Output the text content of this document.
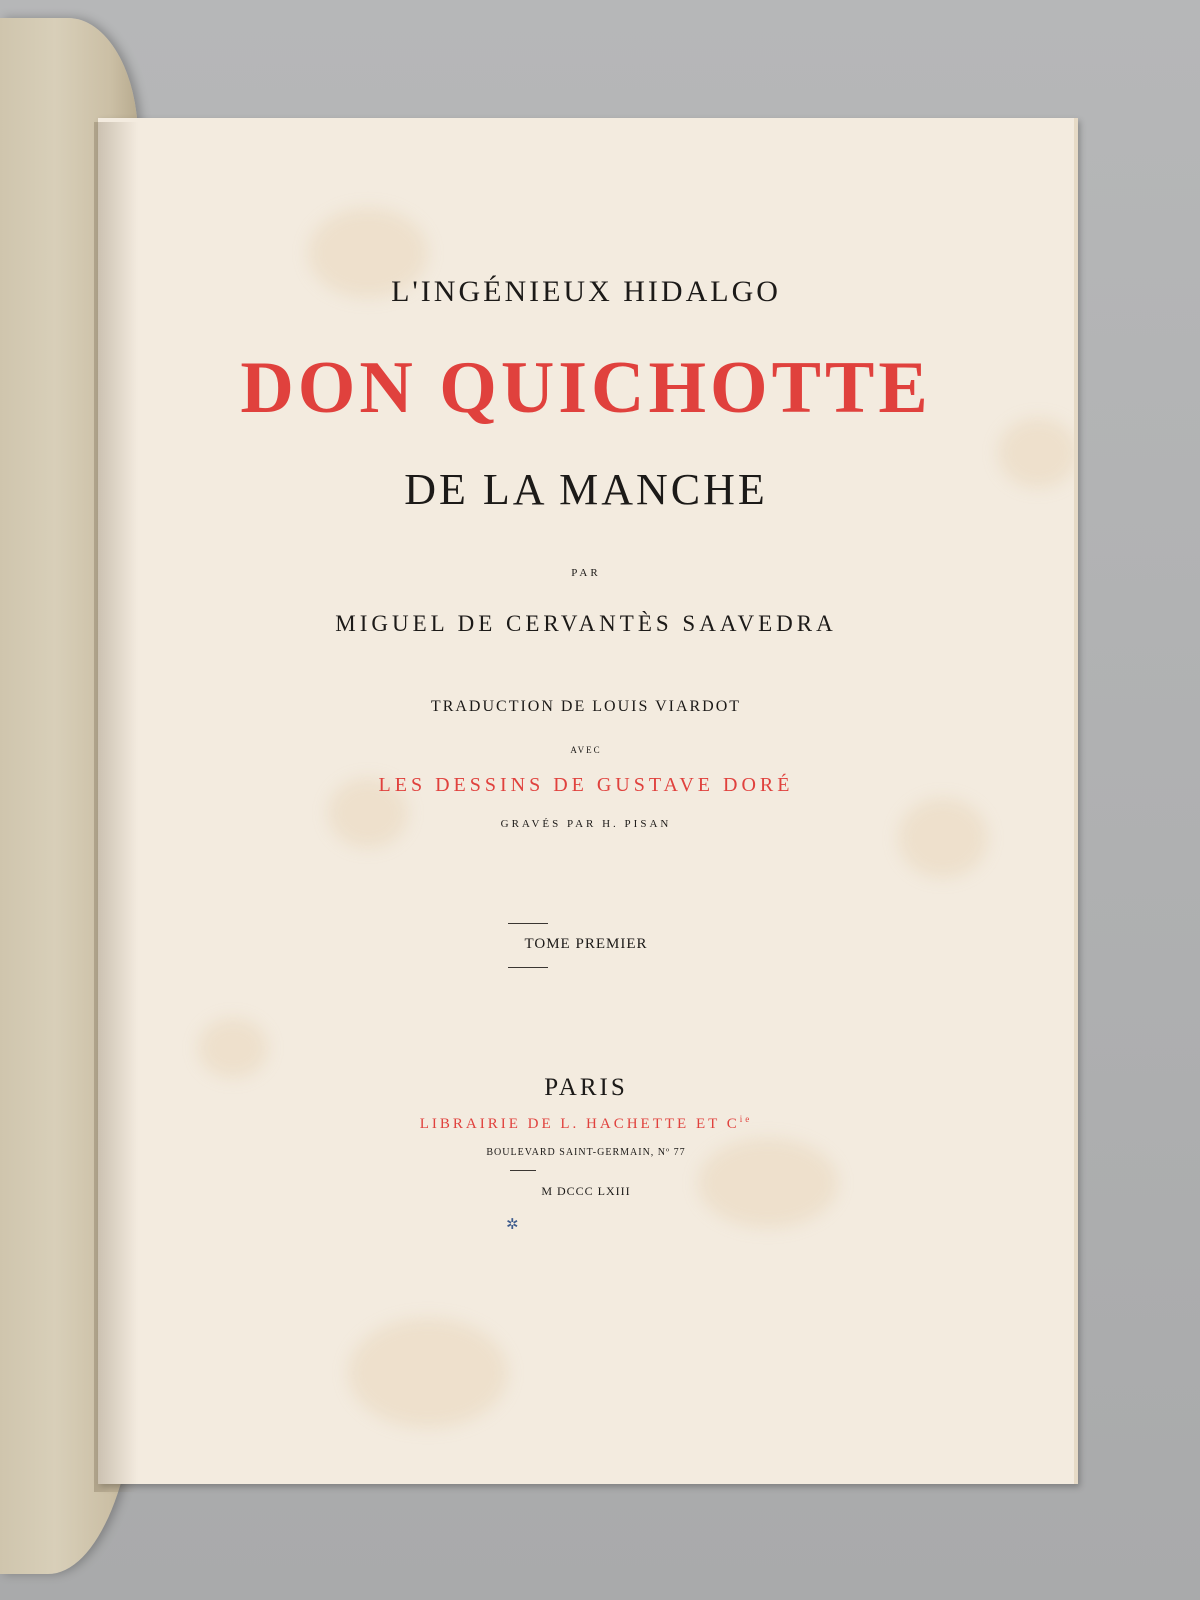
L'INGÉNIEUX HIDALGO
DON QUICHOTTE
DE LA MANCHE
PAR
MIGUEL DE CERVANTÈS SAAVEDRA
TRADUCTION DE LOUIS VIARDOT
AVEC
LES DESSINS DE GUSTAVE DORÉ
GRAVÉS PAR H. PISAN
TOME PREMIER
PARIS
LIBRAIRIE DE L. HACHETTE ET $C^{ie}$
BOULEVARD SAINT-GERMAIN, Nº 77
M DCCC LXIII
✲
